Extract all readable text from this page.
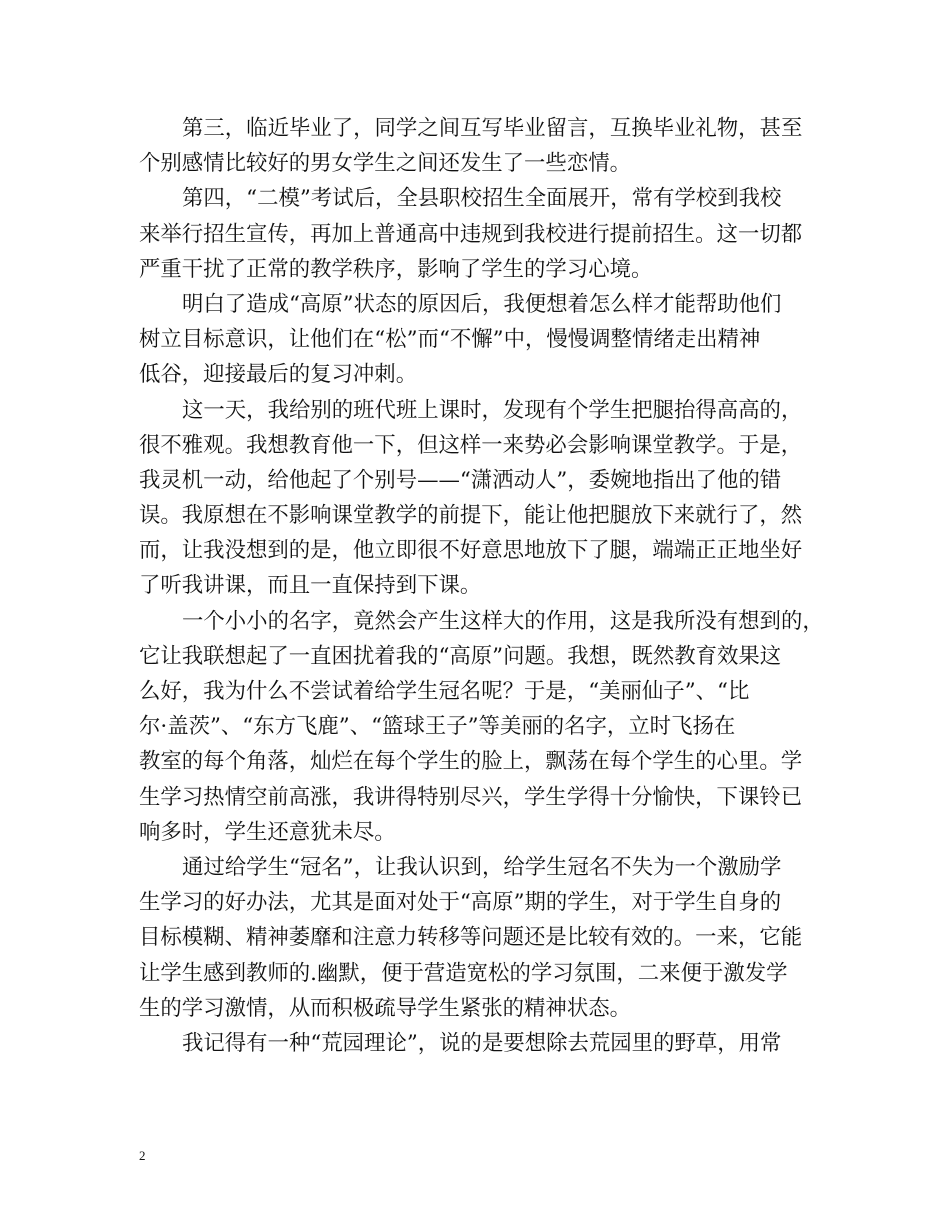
第三，临近毕业了，同学之间互写毕业留言，互换毕业礼物，甚至
个别感情比较好的男女学生之间还发生了一些恋情。
第四，“二模”考试后，全县职校招生全面展开，常有学校到我校
来举行招生宣传，再加上普通高中违规到我校进行提前招生。这一切都
严重干扰了正常的教学秩序，影响了学生的学习心境。
明白了造成“高原”状态的原因后，我便想着怎么样才能帮助他们
树立目标意识，让他们在“松”而“不懈”中，慢慢调整情绪走出精神
低谷，迎接最后的复习冲刺。
这一天，我给别的班代班上课时，发现有个学生把腿抬得高高的，
很不雅观。我想教育他一下，但这样一来势必会影响课堂教学。于是，
我灵机一动，给他起了个别号——“潇洒动人”，委婉地指出了他的错
误。我原想在不影响课堂教学的前提下，能让他把腿放下来就行了，然
而，让我没想到的是，他立即很不好意思地放下了腿，端端正正地坐好
了听我讲课，而且一直保持到下课。
一个小小的名字，竟然会产生这样大的作用，这是我所没有想到的，
它让我联想起了一直困扰着我的“高原”问题。我想，既然教育效果这
么好，我为什么不尝试着给学生冠名呢？于是，“美丽仙子”、“比
尔·盖茨”、“东方飞鹿”、“篮球王子”等美丽的名字，立时飞扬在
教室的每个角落，灿烂在每个学生的脸上，飘荡在每个学生的心里。学
生学习热情空前高涨，我讲得特别尽兴，学生学得十分愉快，下课铃已
响多时，学生还意犹未尽。
通过给学生“冠名”，让我认识到，给学生冠名不失为一个激励学
生学习的好办法，尤其是面对处于“高原”期的学生，对于学生自身的
目标模糊、精神萎靡和注意力转移等问题还是比较有效的。一来，它能
让学生感到教师的.幽默，便于营造宽松的学习氛围，二来便于激发学
生的学习激情，从而积极疏导学生紧张的精神状态。
我记得有一种“荒园理论”，说的是要想除去荒园里的野草，用常
2
